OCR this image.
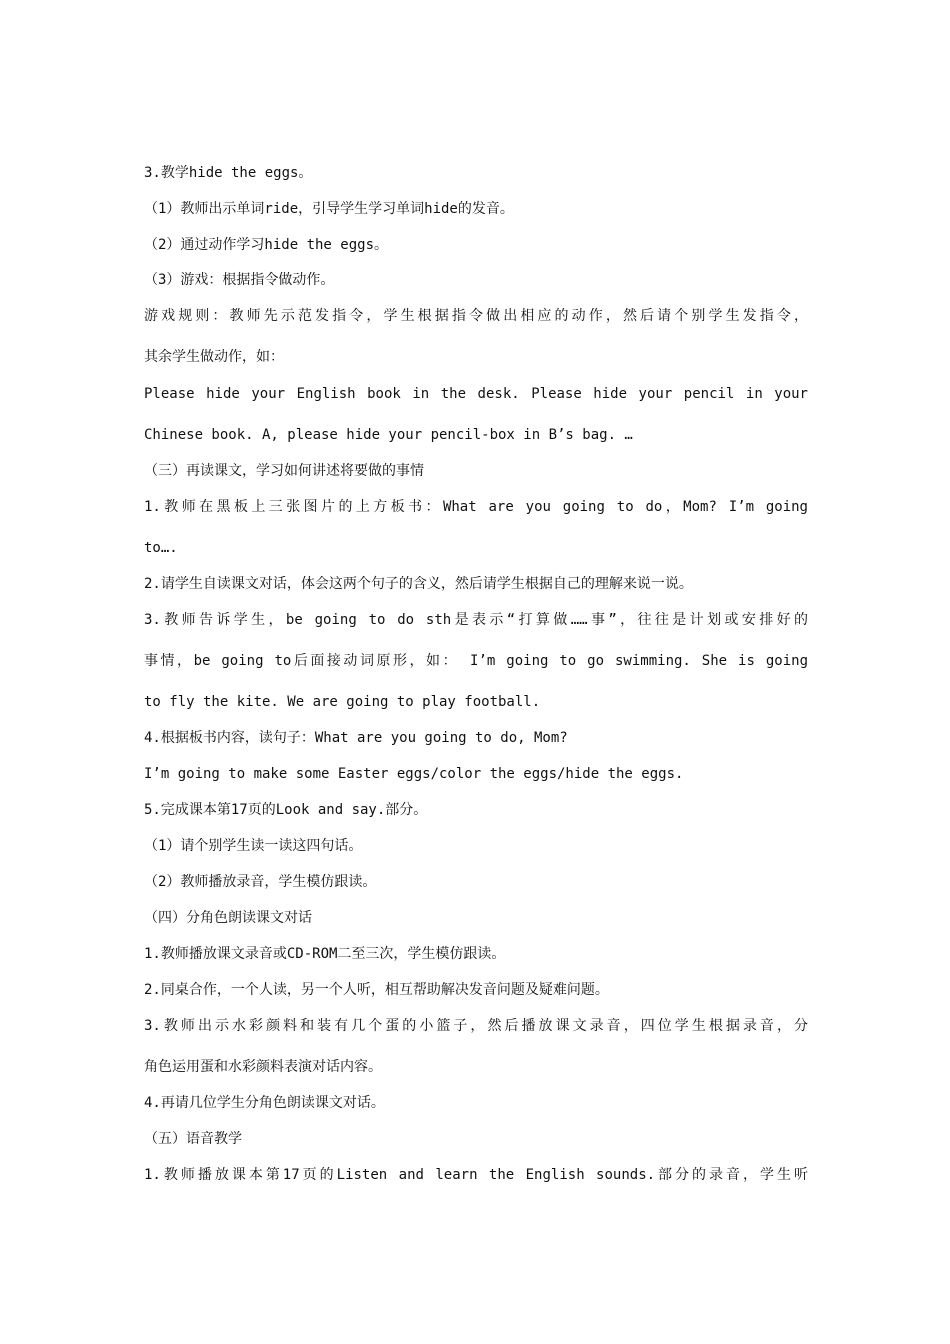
3.教学hide the eggs。
（1）教师出示单词ride，引导学生学习单词hide的发音。
（2）通过动作学习hide the eggs。
（3）游戏：根据指令做动作。
游戏规则：教师先示范发指令，学生根据指令做出相应的动作，然后请个别学生发指令，
其余学生做动作，如：
Please hide your English book in the desk. Please hide your pencil in your
Chinese book. A, please hide your pencil-box in B’s bag. …
（三）再读课文，学习如何讲述将要做的事情
1.教师在黑板上三张图片的上方板书：What are you going to do，Mom? I’m going
to….
2.请学生自读课文对话，体会这两个句子的含义，然后请学生根据自己的理解来说一说。
3.教师告诉学生，be going to do sth是表示“打算做……事”，往往是计划或安排好的
事情，be going to后面接动词原形，如： I’m going to go swimming. She is going
to fly the kite. We are going to play football.
4.根据板书内容，读句子：What are you going to do, Mom?
I’m going to make some Easter eggs/color the eggs/hide the eggs.
5.完成课本第17页的Look and say.部分。
（1）请个别学生读一读这四句话。
（2）教师播放录音，学生模仿跟读。
（四）分角色朗读课文对话
1.教师播放课文录音或CD-ROM二至三次，学生模仿跟读。
2.同桌合作，一个人读，另一个人听，相互帮助解决发音问题及疑难问题。
3.教师出示水彩颜料和装有几个蛋的小篮子，然后播放课文录音，四位学生根据录音，分
角色运用蛋和水彩颜料表演对话内容。
4.再请几位学生分角色朗读课文对话。
（五）语音教学
1.教师播放课本第17页的Listen and learn the English sounds.部分的录音，学生听
